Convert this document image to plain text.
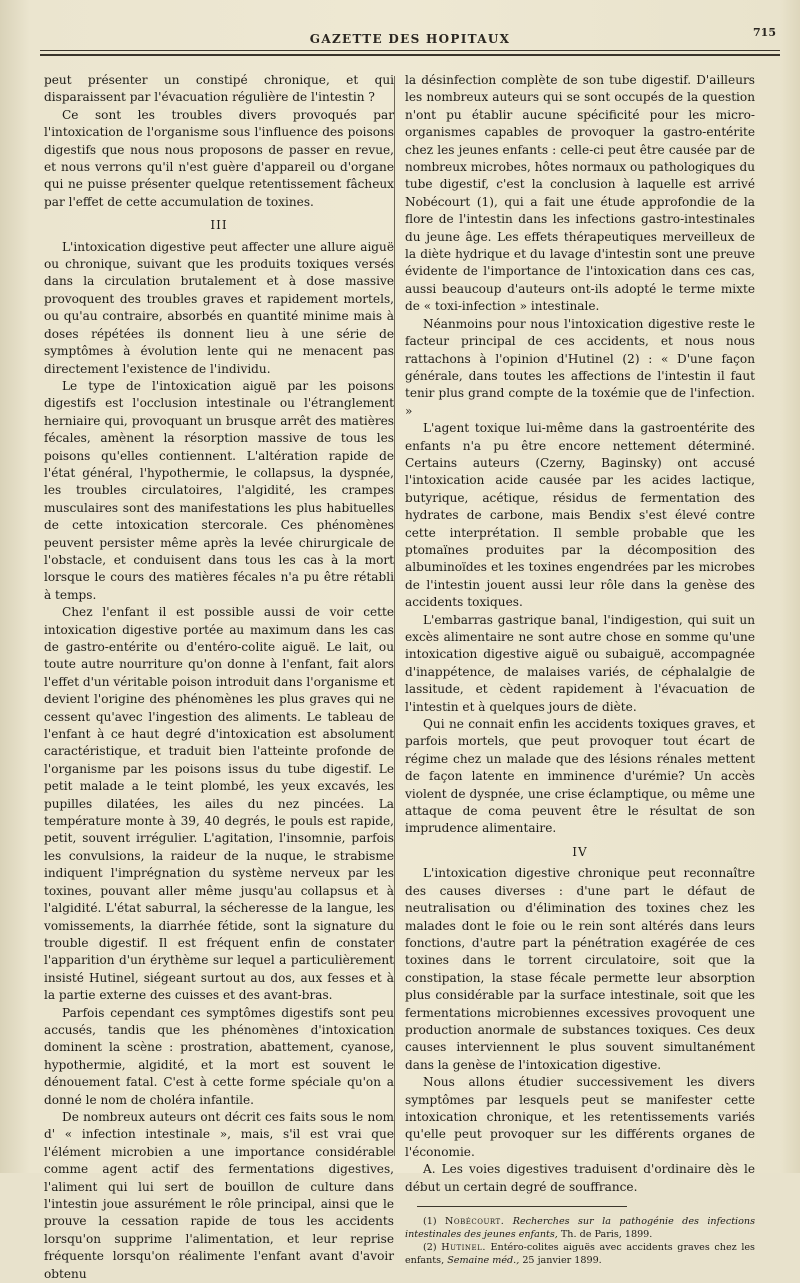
GAZETTE DES HOPITAUX	715

peut présenter un constipé chronique, et qui disparaissent par l'évacuation régulière de l'intestin ?

Ce sont les troubles divers provoqués par l'intoxication de l'organisme sous l'influence des poisons digestifs que nous nous proposons de passer en revue, et nous verrons qu'il n'est guère d'appareil ou d'organe qui ne puisse présenter quelque retentissement fâcheux par l'effet de cette accumulation de toxines.

III

L'intoxication digestive peut affecter une allure aiguë ou chronique, suivant que les produits toxiques versés dans la circulation brutalement et à dose massive provoquent des troubles graves et rapidement mortels, ou qu'au contraire, absorbés en quantité minime mais à doses répétées ils donnent lieu à une série de symptômes à évolution lente qui ne menacent pas directement l'existence de l'individu.

Le type de l'intoxication aiguë par les poisons digestifs est l'occlusion intestinale ou l'étranglement herniaire qui, provoquant un brusque arrêt des matières fécales, amènent la résorption massive de tous les poisons qu'elles contiennent. L'altération rapide de l'état général, l'hypothermie, le collapsus, la dyspnée, les troubles circulatoires, l'algidité, les crampes musculaires sont des manifestations les plus habituelles de cette intoxication stercorale. Ces phénomènes peuvent persister même après la levée chirurgicale de l'obstacle, et conduisent dans tous les cas à la mort lorsque le cours des matières fécales n'a pu être rétabli à temps.

Chez l'enfant il est possible aussi de voir cette intoxication digestive portée au maximum dans les cas de gastro-entérite ou d'entéro-colite aiguë. Le lait, ou toute autre nourriture qu'on donne à l'enfant, fait alors l'effet d'un véritable poison introduit dans l'organisme et devient l'origine des phénomènes les plus graves qui ne cessent qu'avec l'ingestion des aliments. Le tableau de l'enfant à ce haut degré d'intoxication est absolument caractéristique, et traduit bien l'atteinte profonde de l'organisme par les poisons issus du tube digestif. Le petit malade a le teint plombé, les yeux excavés, les pupilles dilatées, les ailes du nez pincées. La température monte à 39, 40 degrés, le pouls est rapide, petit, souvent irrégulier. L'agitation, l'insomnie, parfois les convulsions, la raideur de la nuque, le strabisme indiquent l'imprégnation du système nerveux par les toxines, pouvant aller même jusqu'au collapsus et à l'algidité. L'état saburral, la sécheresse de la langue, les vomissements, la diarrhée fétide, sont la signature du trouble digestif. Il est fréquent enfin de constater l'apparition d'un érythème sur lequel a particulièrement insisté Hutinel, siégeant surtout au dos, aux fesses et à la partie externe des cuisses et des avant-bras.

Parfois cependant ces symptômes digestifs sont peu accusés, tandis que les phénomènes d'intoxication dominent la scène : prostration, abattement, cyanose, hypothermie, algidité, et la mort est souvent le dénouement fatal. C'est à cette forme spéciale qu'on a donné le nom de choléra infantile.

De nombreux auteurs ont décrit ces faits sous le nom d' « infection intestinale », mais, s'il est vrai que l'élément microbien a une importance considérable comme agent actif des fermentations digestives, l'aliment qui lui sert de bouillon de culture dans l'intestin joue assurément le rôle principal, ainsi que le prouve la cessation rapide de tous les accidents lorsqu'on supprime l'alimentation, et leur reprise fréquente lorsqu'on réalimente l'enfant avant d'avoir obtenu

la désinfection complète de son tube digestif. D'ailleurs les nombreux auteurs qui se sont occupés de la question n'ont pu établir aucune spécificité pour les micro-organismes capables de provoquer la gastro-entérite chez les jeunes enfants : celle-ci peut être causée par de nombreux microbes, hôtes normaux ou pathologiques du tube digestif, c'est la conclusion à laquelle est arrivé Nobécourt (1), qui a fait une étude approfondie de la flore de l'intestin dans les infections gastro-intestinales du jeune âge. Les effets thérapeutiques merveilleux de la diète hydrique et du lavage d'intestin sont une preuve évidente de l'importance de l'intoxication dans ces cas, aussi beaucoup d'auteurs ont-ils adopté le terme mixte de « toxi-infection » intestinale.

Néanmoins pour nous l'intoxication digestive reste le facteur principal de ces accidents, et nous nous rattachons à l'opinion d'Hutinel (2) : « D'une façon générale, dans toutes les affections de l'intestin il faut tenir plus grand compte de la toxémie que de l'infection. »

L'agent toxique lui-même dans la gastroentérite des enfants n'a pu être encore nettement déterminé. Certains auteurs (Czerny, Baginsky) ont accusé l'intoxication acide causée par les acides lactique, butyrique, acétique, résidus de fermentation des hydrates de carbone, mais Bendix s'est élevé contre cette interprétation. Il semble probable que les ptomaïnes produites par la décomposition des albuminoïdes et les toxines engendrées par les microbes de l'intestin jouent aussi leur rôle dans la genèse des accidents toxiques.

L'embarras gastrique banal, l'indigestion, qui suit un excès alimentaire ne sont autre chose en somme qu'une intoxication digestive aiguë ou subaiguë, accompagnée d'inappétence, de malaises variés, de céphalalgie de lassitude, et cèdent rapidement à l'évacuation de l'intestin et à quelques jours de diète.

Qui ne connait enfin les accidents toxiques graves, et parfois mortels, que peut provoquer tout écart de régime chez un malade que des lésions rénales mettent de façon latente en imminence d'urémie? Un accès violent de dyspnée, une crise éclamptique, ou même une attaque de coma peuvent être le résultat de son imprudence alimentaire.

IV

L'intoxication digestive chronique peut reconnaître des causes diverses : d'une part le défaut de neutralisation ou d'élimination des toxines chez les malades dont le foie ou le rein sont altérés dans leurs fonctions, d'autre part la pénétration exagérée de ces toxines dans le torrent circulatoire, soit que la constipation, la stase fécale permette leur absorption plus considérable par la surface intestinale, soit que les fermentations microbiennes excessives provoquent une production anormale de substances toxiques. Ces deux causes interviennent le plus souvent simultanément dans la genèse de l'intoxication digestive.

Nous allons étudier successivement les divers symptômes par lesquels peut se manifester cette intoxication chronique, et les retentissements variés qu'elle peut provoquer sur les différents organes de l'économie.

A. Les voies digestives traduisent d'ordinaire dès le début un certain degré de souffrance.

(1) Nobécourt. Recherches sur la pathogénie des infections intestinales des jeunes enfants, Th. de Paris, 1899.

(2) Hutinel. Entéro-colites aiguës avec accidents graves chez les enfants, Semaine méd., 25 janvier 1899.
